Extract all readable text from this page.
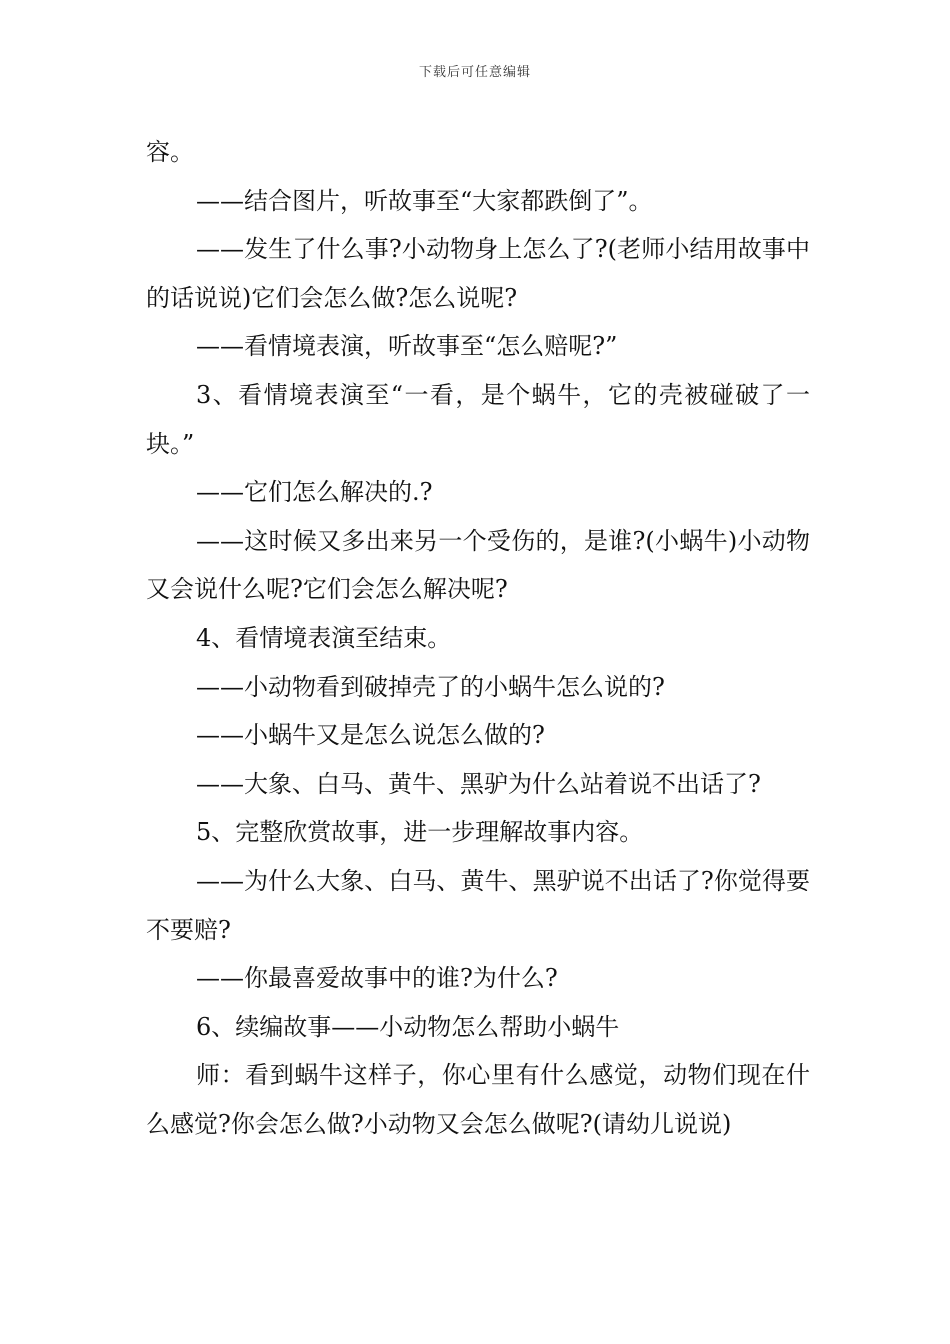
下载后可任意编辑

容。

——结合图片，听故事至“大家都跌倒了”。

——发生了什么事?小动物身上怎么了?(老师小结用故事中的话说说)它们会怎么做?怎么说呢?

——看情境表演，听故事至“怎么赔呢?”

3、看情境表演至“一看，是个蜗牛，它的壳被碰破了一块。”

——它们怎么解决的.?

——这时候又多出来另一个受伤的，是谁?(小蜗牛)小动物又会说什么呢?它们会怎么解决呢?

4、看情境表演至结束。

——小动物看到破掉壳了的小蜗牛怎么说的?

——小蜗牛又是怎么说怎么做的?

——大象、白马、黄牛、黑驴为什么站着说不出话了?

5、完整欣赏故事，进一步理解故事内容。

——为什么大象、白马、黄牛、黑驴说不出话了?你觉得要不要赔?

——你最喜爱故事中的谁?为什么?

6、续编故事——小动物怎么帮助小蜗牛

师：看到蜗牛这样子，你心里有什么感觉，动物们现在什么感觉?你会怎么做?小动物又会怎么做呢?(请幼儿说说)
